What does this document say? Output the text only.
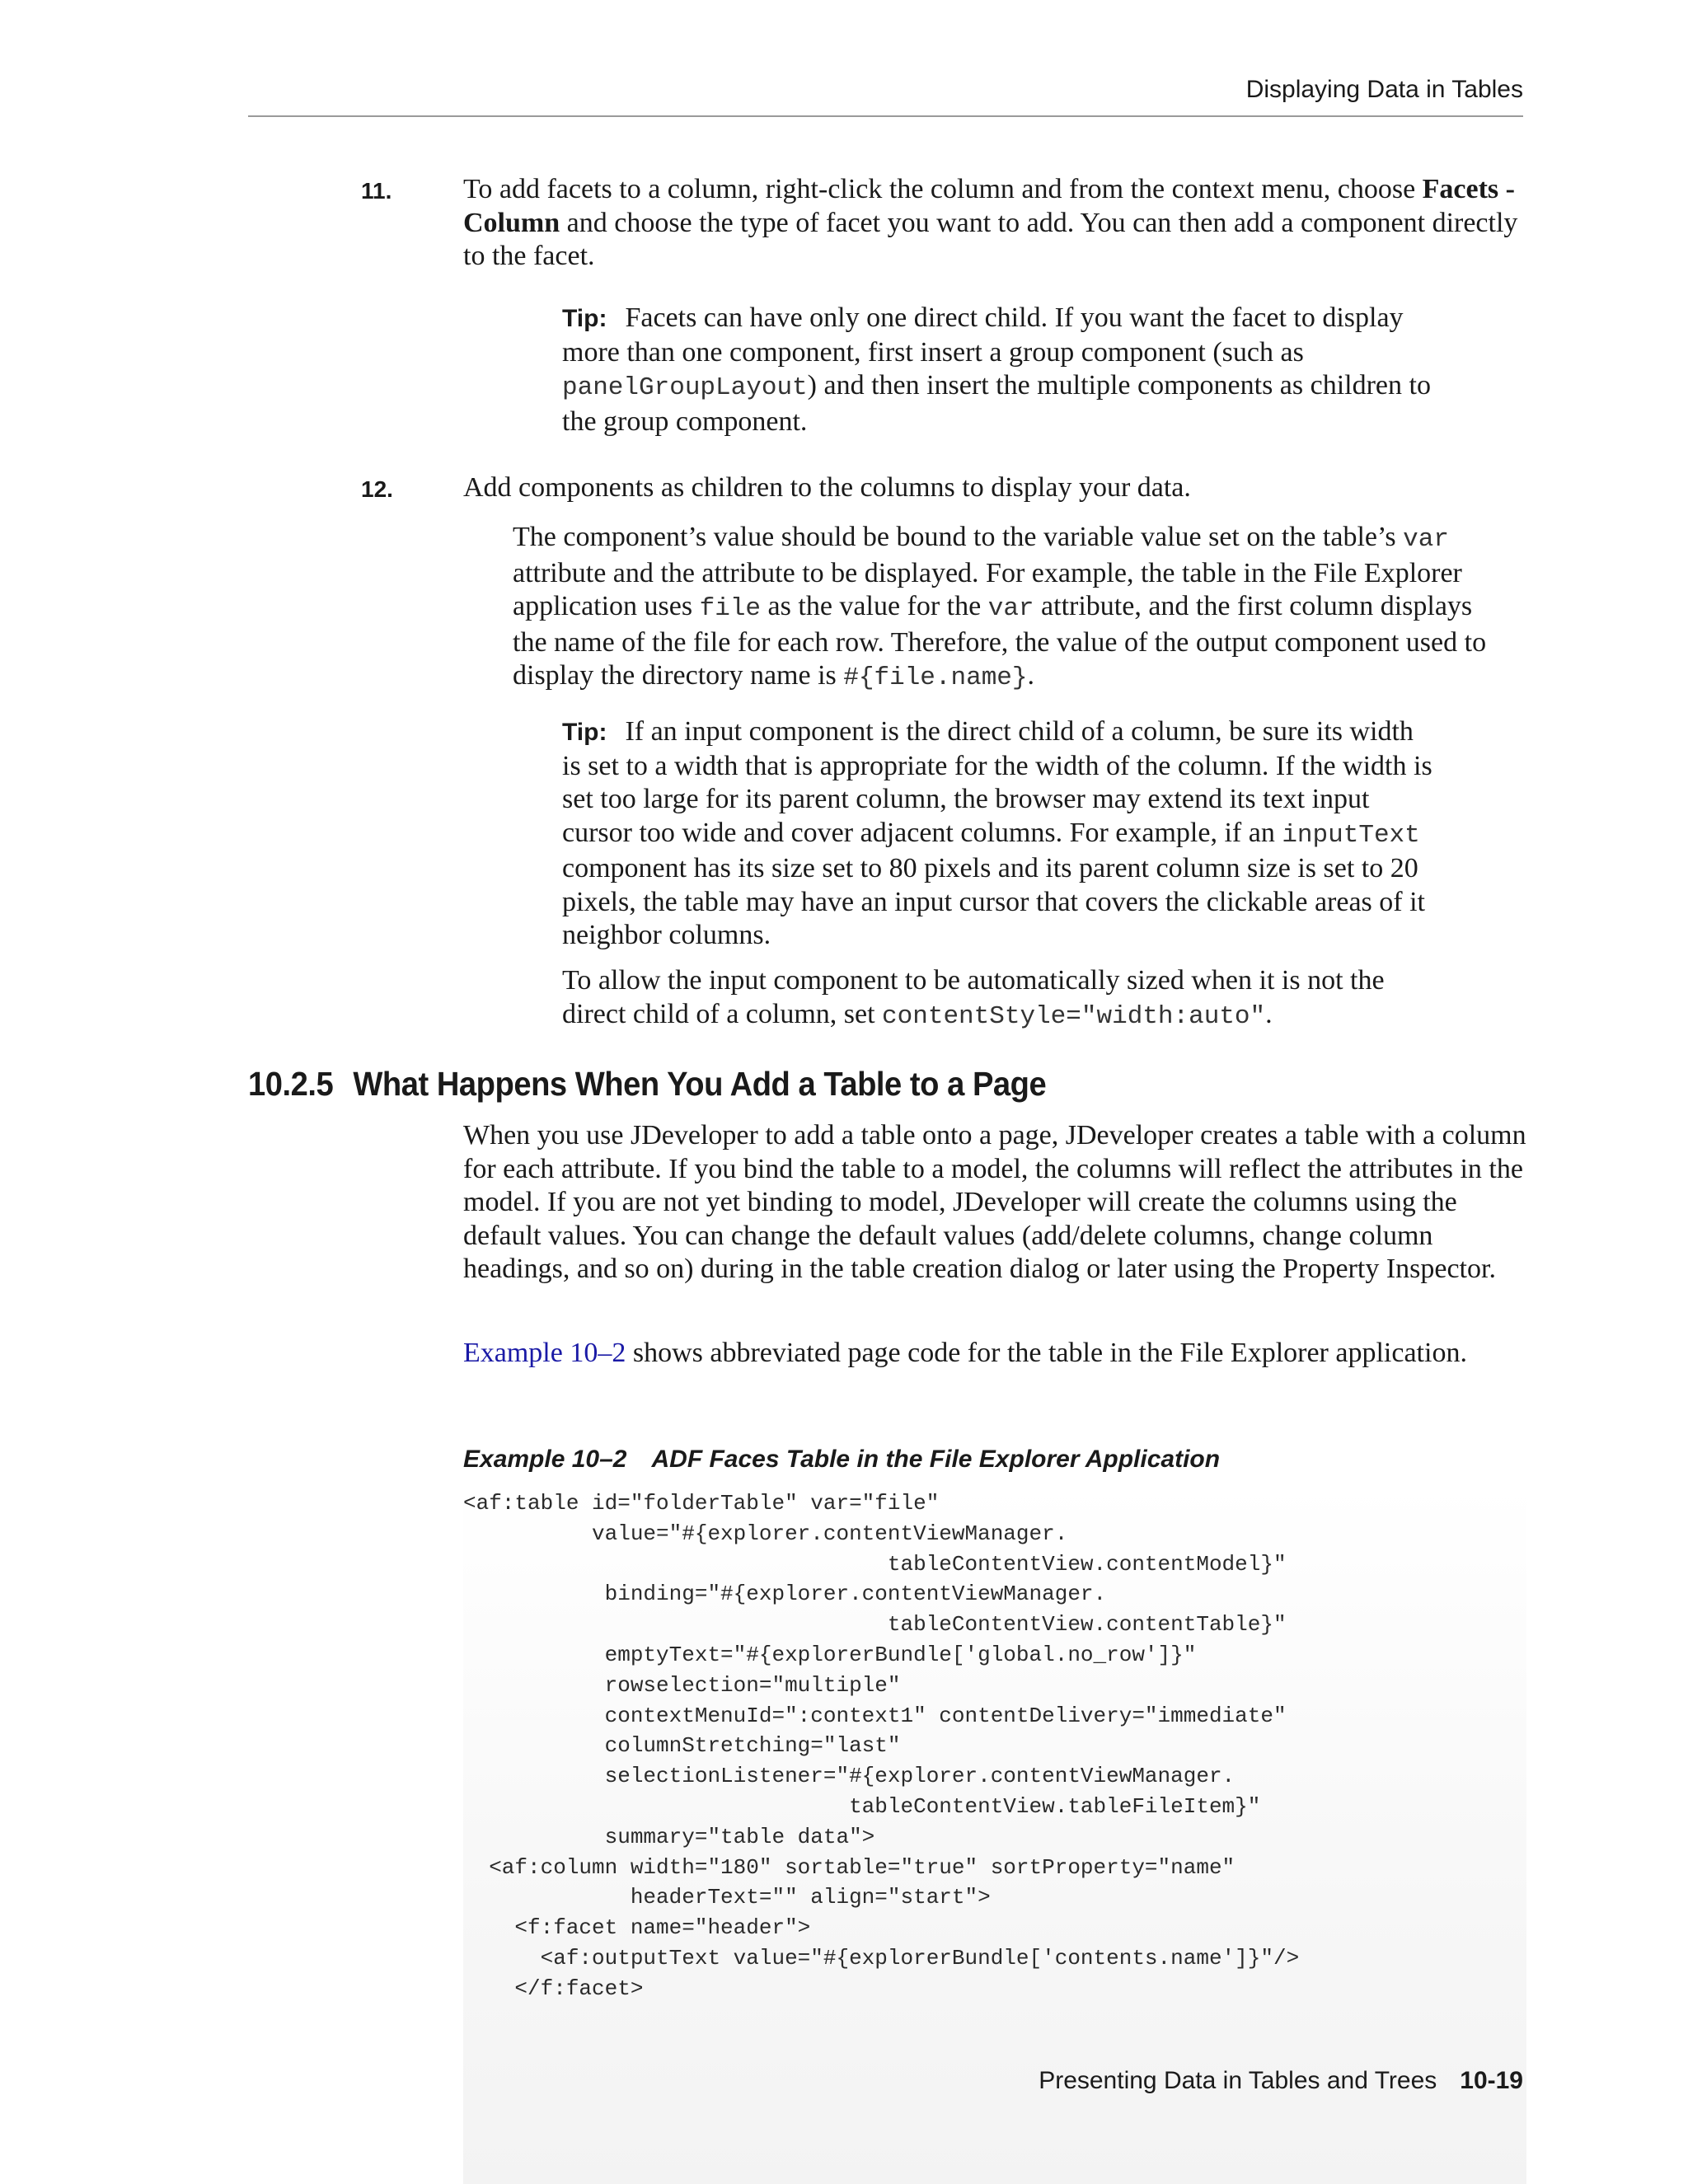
Displaying Data in Tables
11.	To add facets to a column, right-click the column and from the context menu, choose Facets - Column and choose the type of facet you want to add. You can then add a component directly to the facet.
Tip: Facets can have only one direct child. If you want the facet to display more than one component, first insert a group component (such as panelGroupLayout) and then insert the multiple components as children to the group component.
12.	Add components as children to the columns to display your data.
The component’s value should be bound to the variable value set on the table’s var attribute and the attribute to be displayed. For example, the table in the File Explorer application uses file as the value for the var attribute, and the first column displays the name of the file for each row. Therefore, the value of the output component used to display the directory name is #{file.name}.
Tip: If an input component is the direct child of a column, be sure its width is set to a width that is appropriate for the width of the column. If the width is set too large for its parent column, the browser may extend its text input cursor too wide and cover adjacent columns. For example, if an inputText component has its size set to 80 pixels and its parent column size is set to 20 pixels, the table may have an input cursor that covers the clickable areas of it neighbor columns.
To allow the input component to be automatically sized when it is not the direct child of a column, set contentStyle="width:auto".
10.2.5 What Happens When You Add a Table to a Page
When you use JDeveloper to add a table onto a page, JDeveloper creates a table with a column for each attribute. If you bind the table to a model, the columns will reflect the attributes in the model. If you are not yet binding to model, JDeveloper will create the columns using the default values. You can change the default values (add/delete columns, change column headings, and so on) during in the table creation dialog or later using the Property Inspector.
Example 10–2 shows abbreviated page code for the table in the File Explorer application.
Example 10–2 ADF Faces Table in the File Explorer Application
<af:table id="folderTable" var="file"
value="#{explorer.contentViewManager.
tableContentView.contentModel}"
binding="#{explorer.contentViewManager.
tableContentView.contentTable}"
emptyText="#{explorerBundle['global.no_row']}"
rowselection="multiple"
contextMenuId=":context1" contentDelivery="immediate"
columnStretching="last"
selectionListener="#{explorer.contentViewManager.
tableContentView.tableFileItem}"
summary="table data">
<af:column width="180" sortable="true" sortProperty="name"
headerText="" align="start">
<f:facet name="header">
<af:outputText value="#{explorerBundle['contents.name']}"/>
</f:facet>
Presenting Data in Tables and Trees 10-19
